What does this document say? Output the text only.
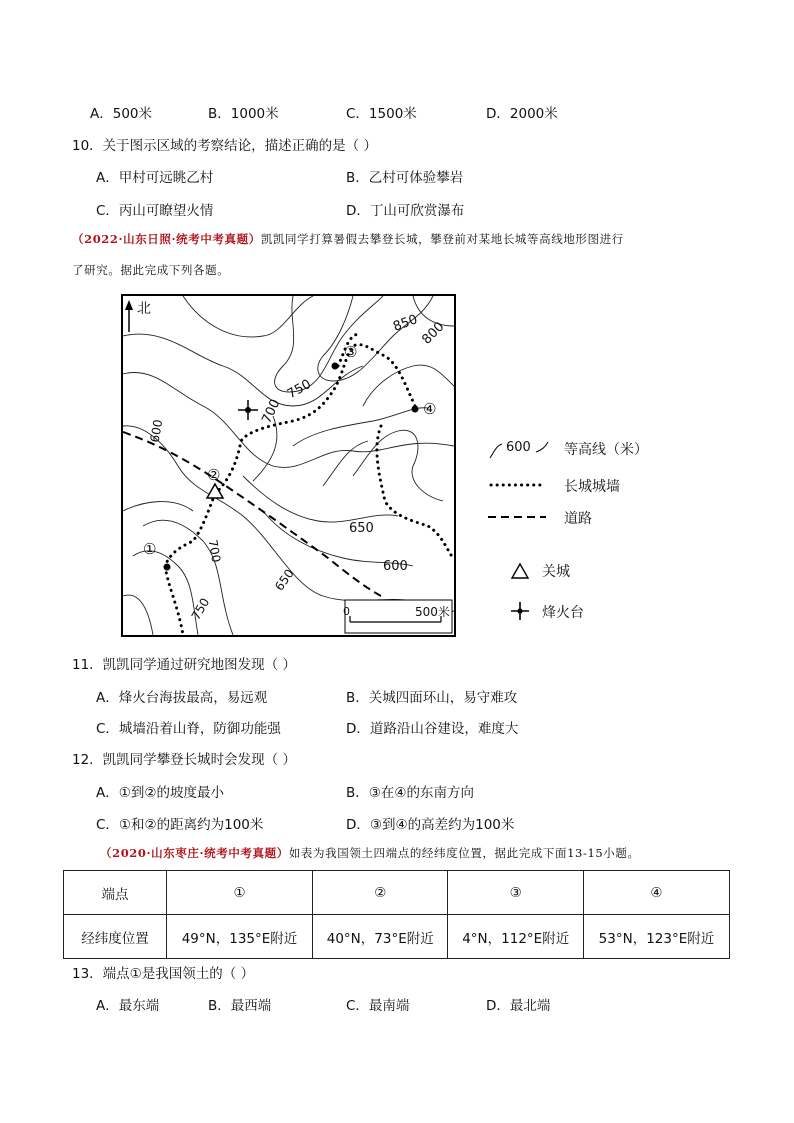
A．500米	B．1000米	C．1500米	D．2000米
10．关于图示区域的考察结论，描述正确的是（ ）
A．甲村可远眺乙村	B．乙村可体验攀岩
C．丙山可瞭望火情	D．丁山可欣赏瀑布
（2022·山东日照·统考中考真题）凯凯同学打算暑假去攀登长城，攀登前对某地长城等高线地形图进行
了研究。据此完成下列各题。
北
600
700
750
850 800
650
600
700
650
750
③
④
②
①
0	500米
600 等高线（米）
长城城墙
道路
关城
烽火台
11．凯凯同学通过研究地图发现（ ）
A．烽火台海拔最高，易远观	B．关城四面环山，易守难攻
C．城墙沿着山脊，防御功能强	D．道路沿山谷建设，难度大
12．凯凯同学攀登长城时会发现（ ）
A．①到②的坡度最小	B．③在④的东南方向
C．①和②的距离约为100米	D．③到④的高差约为100米
（2020·山东枣庄·统考中考真题）如表为我国领土四端点的经纬度位置，据此完成下面13-15小题。
端点	①	②	③	④
经纬度位置	49°N，135°E附近	40°N，73°E附近	4°N，112°E附近	53°N，123°E附近
13．端点①是我国领土的（ ）
A．最东端	B．最西端	C．最南端	D．最北端
